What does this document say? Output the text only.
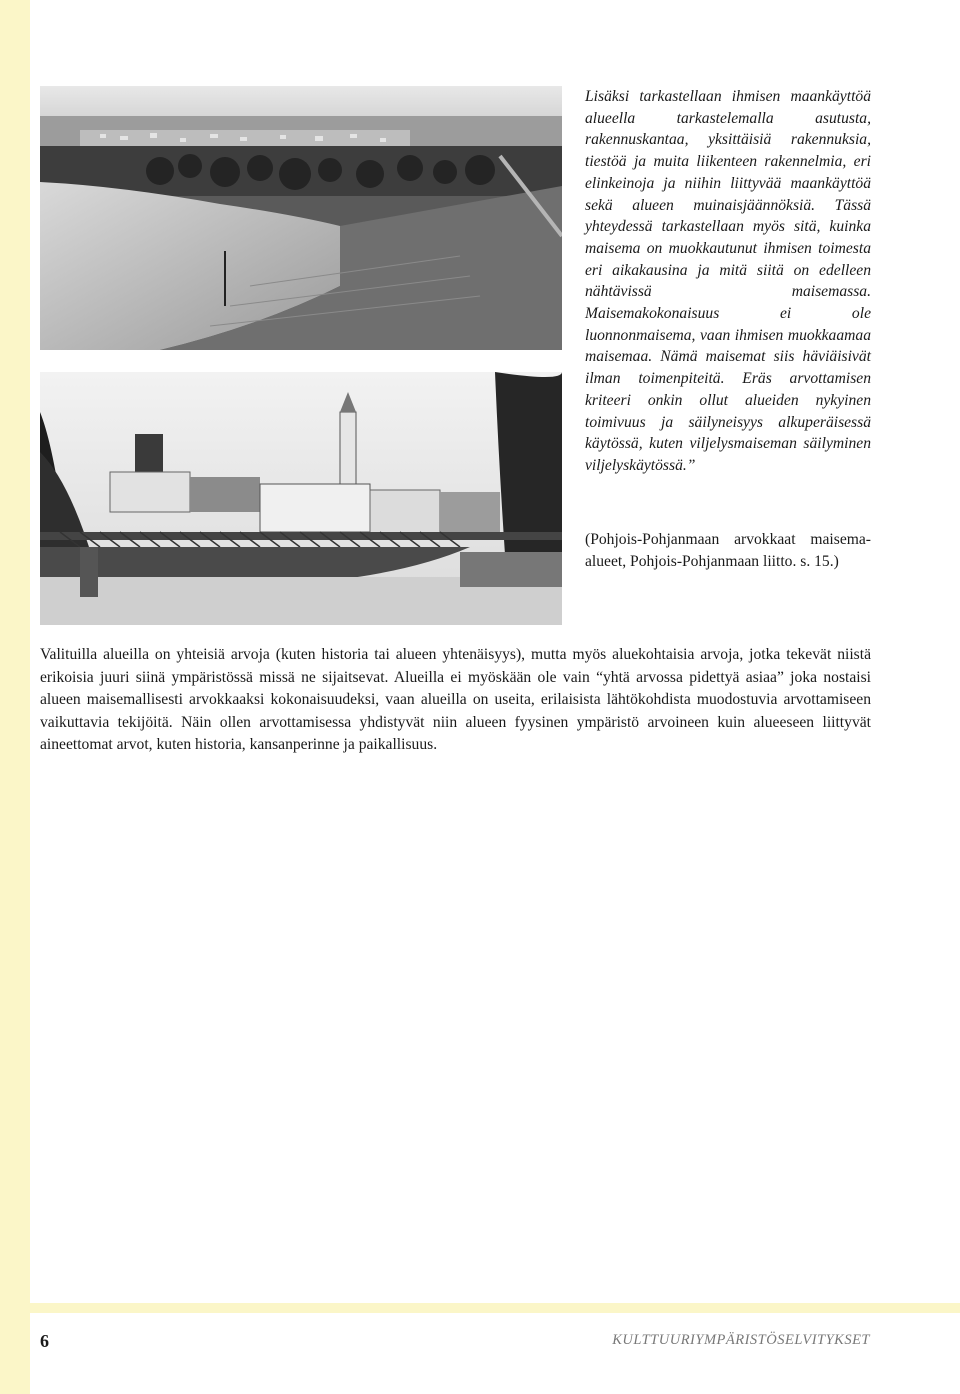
Lisäksi tarkastellaan ihmisen maankäyttöä alueella tarkastelemalla asutusta, rakennuskantaa, yksittäisiä rakennuksia, tiestöä ja muita liikenteen rakennelmia, eri elinkeinoja ja niihin liittyvää maankäyttöä sekä alueen muinaisjäännöksiä. Tässä yhteydessä tarkastellaan myös sitä, kuinka maisema on muokkautunut ihmisen toimesta eri aikakausina ja mitä siitä on edelleen nähtävissä maisemassa. Maisemakokonaisuus ei ole luonnonmaisema, vaan ihmisen muokkaamaa maisemaa. Nämä maisemat siis häviäisivät ilman toimenpiteitä. Eräs arvottamisen kriteeri onkin ollut alueiden nykyinen toimivuus ja säilyneisyys alkuperäisessä käytössä, kuten viljelysmaiseman säilyminen viljelyskäytössä.”

(Pohjois-Pohjanmaan arvokkaat maisema-alueet, Pohjois-Pohjanmaan liitto. s. 15.)
Valituilla alueilla on yhteisiä arvoja (kuten historia tai alueen yhtenäisyys), mutta myös aluekohtaisia arvoja, jotka tekevät niistä erikoisia juuri siinä ympäristössä missä ne sijaitsevat. Alueilla ei myöskään ole vain “yhtä arvossa pidettyä asiaa” joka nostaisi alueen maisemallisesti arvokkaaksi kokonaisuudeksi, vaan alueilla on useita, erilaisista lähtökohdista muodostuvia arvottamiseen vaikuttavia tekijöitä. Näin ollen arvottamisessa yhdistyvät niin alueen fyysinen ympäristö arvoineen kuin alueeseen liittyvät aineettomat arvot, kuten historia, kansanperinne ja paikallisuus.
6	KULTTUURIYMPÄRISTÖSELVITYKSET
